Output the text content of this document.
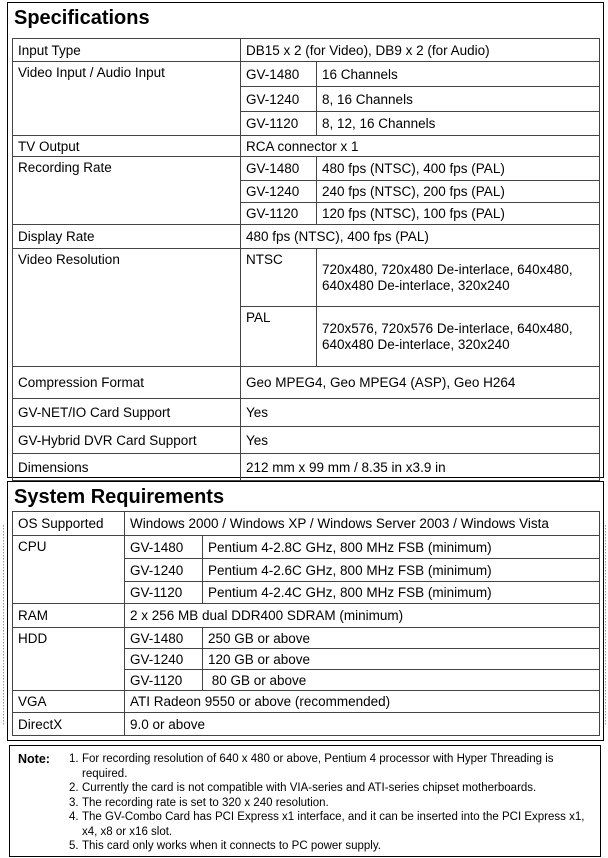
Specifications
Input Type	DB15 x 2 (for Video), DB9 x 2 (for Audio)	
Video Input / Audio Input	GV-1480	16 Channels
	GV-1240	8, 16 Channels
	GV-1120	8, 12, 16 Channels
TV Output	RCA connector x 1	
Recording Rate	GV-1480	480 fps (NTSC), 400 fps (PAL)
	GV-1240	240 fps (NTSC), 200 fps (PAL)
	GV-1120	120 fps (NTSC), 100 fps (PAL)
Display Rate	480 fps (NTSC), 400 fps (PAL)	
Video Resolution	NTSC	720x480, 720x480 De-interlace, 640x480, 640x480 De-interlace, 320x240
	PAL	720x576, 720x576 De-interlace, 640x480, 640x480 De-interlace, 320x240
Compression Format	Geo MPEG4, Geo MPEG4 (ASP), Geo H264	
GV-NET/IO Card Support	Yes	
GV-Hybrid DVR Card Support	Yes	
Dimensions	212 mm x 99 mm / 8.35 in x3.9 in	
System Requirements
OS Supported	Windows 2000 / Windows XP / Windows Server 2003 / Windows Vista	
CPU	GV-1480	Pentium 4-2.8C GHz, 800 MHz FSB (minimum)
	GV-1240	Pentium 4-2.6C GHz, 800 MHz FSB (minimum)
	GV-1120	Pentium 4-2.4C GHz, 800 MHz FSB (minimum)
RAM	2 x 256 MB dual DDR400 SDRAM (minimum)	
HDD	GV-1480	250 GB or above
	GV-1240	120 GB or above
	GV-1120	80 GB or above
VGA	ATI Radeon 9550 or above (recommended)	
DirectX	9.0 or above	
Note: 1. For recording resolution of 640 x 480 or above, Pentium 4 processor with Hyper Threading is required.
2. Currently the card is not compatible with VIA-series and ATI-series chipset motherboards.
3. The recording rate is set to 320 x 240 resolution.
4. The GV-Combo Card has PCI Express x1 interface, and it can be inserted into the PCI Express x1, x4, x8 or x16 slot.
5. This card only works when it connects to PC power supply.
